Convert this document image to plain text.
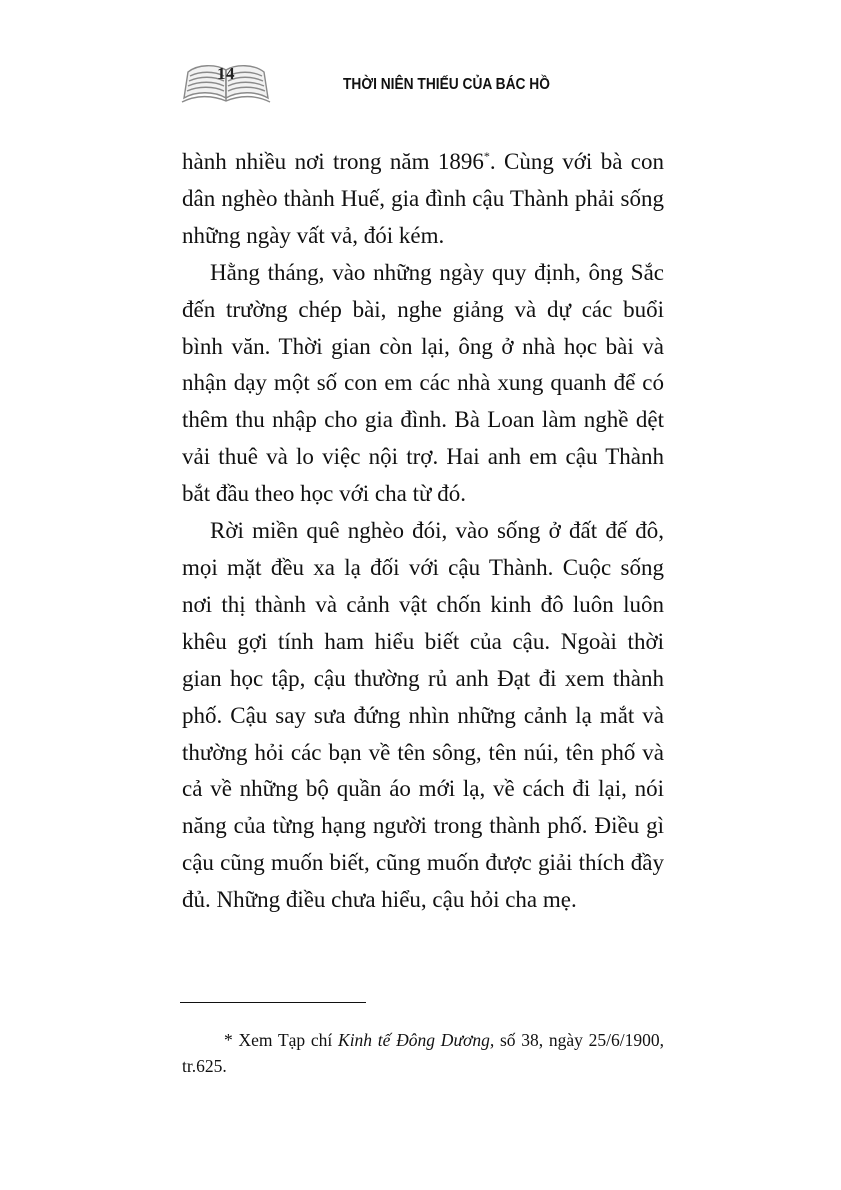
14
THỜI NIÊN THIẾU CỦA BÁC HỒ

hành nhiều nơi trong năm 1896*. Cùng với bà con dân nghèo thành Huế, gia đình cậu Thành phải sống những ngày vất vả, đói kém.

Hằng tháng, vào những ngày quy định, ông Sắc đến trường chép bài, nghe giảng và dự các buổi bình văn. Thời gian còn lại, ông ở nhà học bài và nhận dạy một số con em các nhà xung quanh để có thêm thu nhập cho gia đình. Bà Loan làm nghề dệt vải thuê và lo việc nội trợ. Hai anh em cậu Thành bắt đầu theo học với cha từ đó.

Rời miền quê nghèo đói, vào sống ở đất đế đô, mọi mặt đều xa lạ đối với cậu Thành. Cuộc sống nơi thị thành và cảnh vật chốn kinh đô luôn luôn khêu gợi tính ham hiểu biết của cậu. Ngoài thời gian học tập, cậu thường rủ anh Đạt đi xem thành phố. Cậu say sưa đứng nhìn những cảnh lạ mắt và thường hỏi các bạn về tên sông, tên núi, tên phố và cả về những bộ quần áo mới lạ, về cách đi lại, nói năng của từng hạng người trong thành phố. Điều gì cậu cũng muốn biết, cũng muốn được giải thích đầy đủ. Những điều chưa hiểu, cậu hỏi cha mẹ.

* Xem Tạp chí Kinh tế Đông Dương, số 38, ngày 25/6/1900, tr.625.
